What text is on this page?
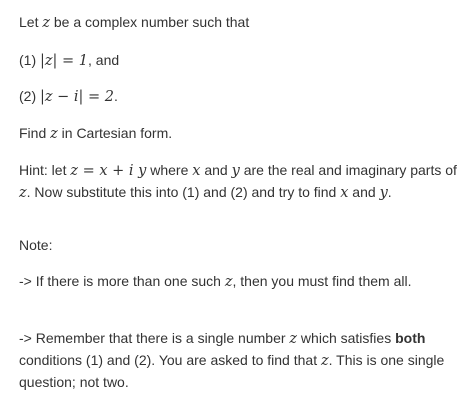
Let z be a complex number such that

(1) |z| = 1, and

(2) |z − i| = 2.

Find z in Cartesian form.

Hint: let z = x + i y where x and y are the real and imaginary parts of z. Now substitute this into (1) and (2) and try to find x and y.

Note:

-> If there is more than one such z, then you must find them all.

-> Remember that there is a single number z which satisfies both conditions (1) and (2). You are asked to find that z. This is one single question; not two.
